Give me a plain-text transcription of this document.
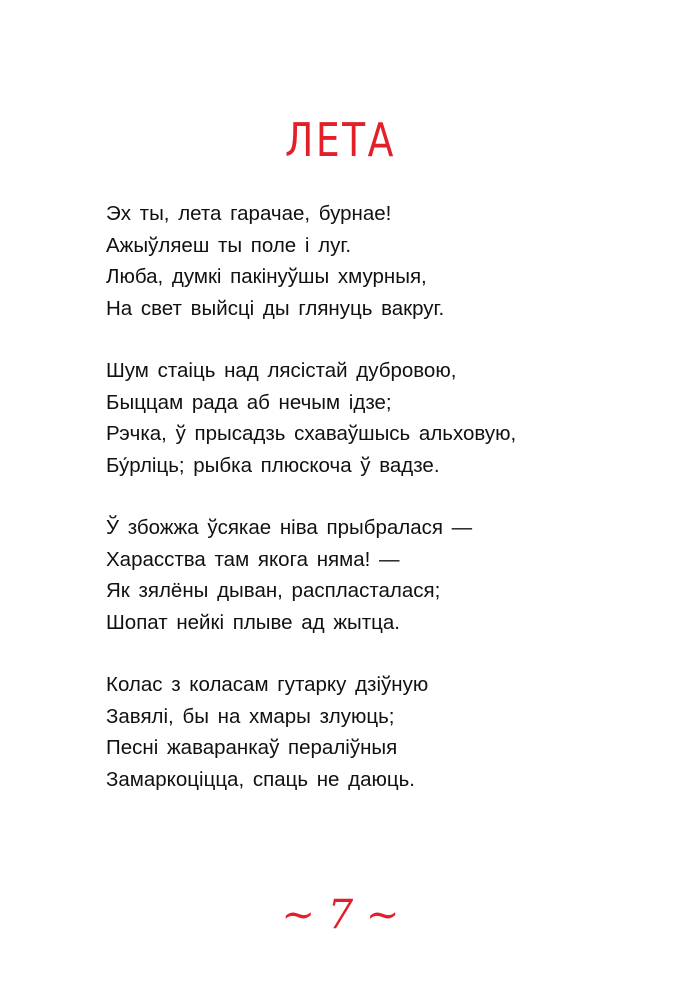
ЛЕТА
Эх ты, лета гарачае, бурнае!
Ажыўляеш ты поле і луг.
Люба, думкі пакінуўшы хмурныя,
На свет выйсці ды глянуць вакруг.
Шум стаіць над лясістай дубровою,
Быццам рада аб нечым ідзе;
Рэчка, ў прысадзь схаваўшысь альховую,
Бу́рліць; рыбка плюскоча ў вадзе.
Ў збожжа ўсякае ніва прыбралася —
Харасства там якога няма! —
Як зялёны дыван, распласталася;
Шопат нейкі плыве ад жытца.
Колас з коласам гутарку дзіўную
Завялі, бы на хмары злуюць;
Песні жаваранкаў пераліўныя
Замаркоціцца, спаць не даюць.
~ 7 ~
